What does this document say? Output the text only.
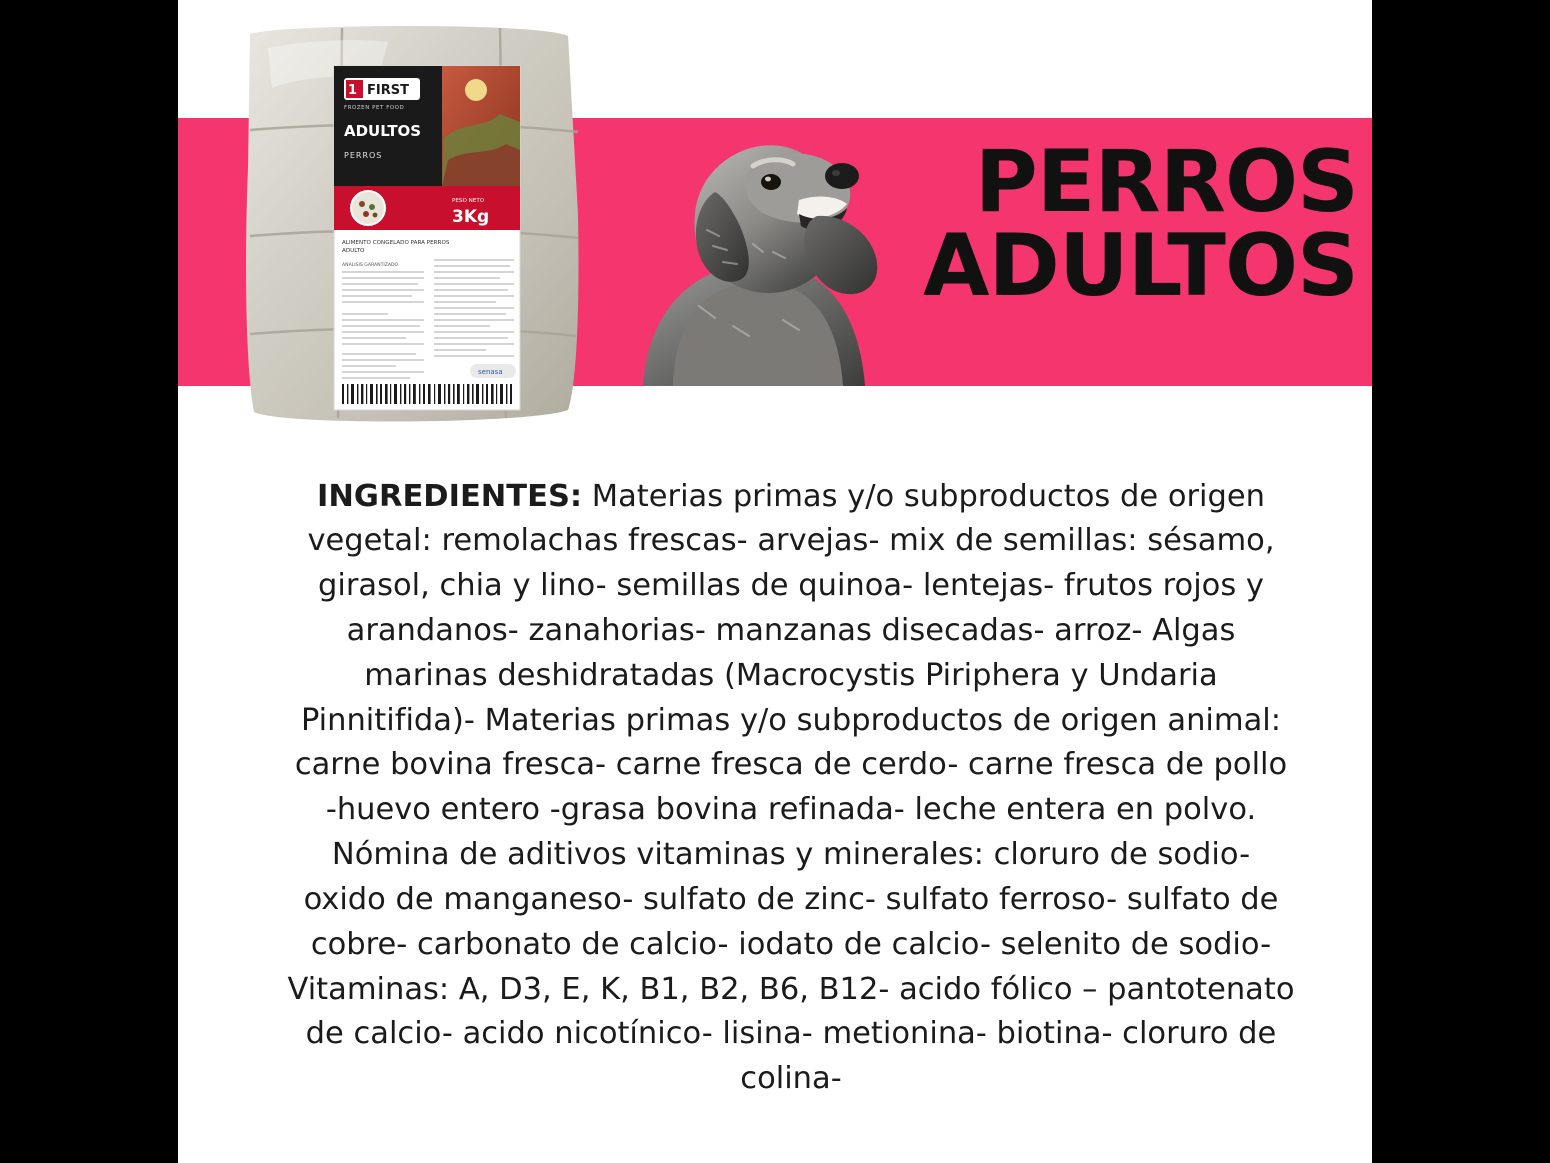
PERROS
ADULTOS
1 FIRST
FROZEN PET FOOD
ADULTOS
PERROS
PESO NETO
3Kg
ALIMENTO CONGELADO PARA PERROS
ADULTO
ANALISIS GARANTIZADO
senasa

INGREDIENTES: Materias primas y/o subproductos de origen vegetal: remolachas frescas- arvejas- mix de semillas: sésamo, girasol, chia y lino- semillas de quinoa- lentejas- frutos rojos y arandanos- zanahorias- manzanas disecadas- arroz- Algas marinas deshidratadas (Macrocystis Piriphera y Undaria Pinnitifida)- Materias primas y/o subproductos de origen animal: carne bovina fresca- carne fresca de cerdo- carne fresca de pollo -huevo entero -grasa bovina refinada- leche entera en polvo. Nómina de aditivos vitaminas y minerales: cloruro de sodio- oxido de manganeso- sulfato de zinc- sulfato ferroso- sulfato de cobre- carbonato de calcio- iodato de calcio- selenito de sodio- Vitaminas: A, D3, E, K, B1, B2, B6, B12- acido fólico – pantotenato de calcio- acido nicotínico- lisina- metionina- biotina- cloruro de colina-
